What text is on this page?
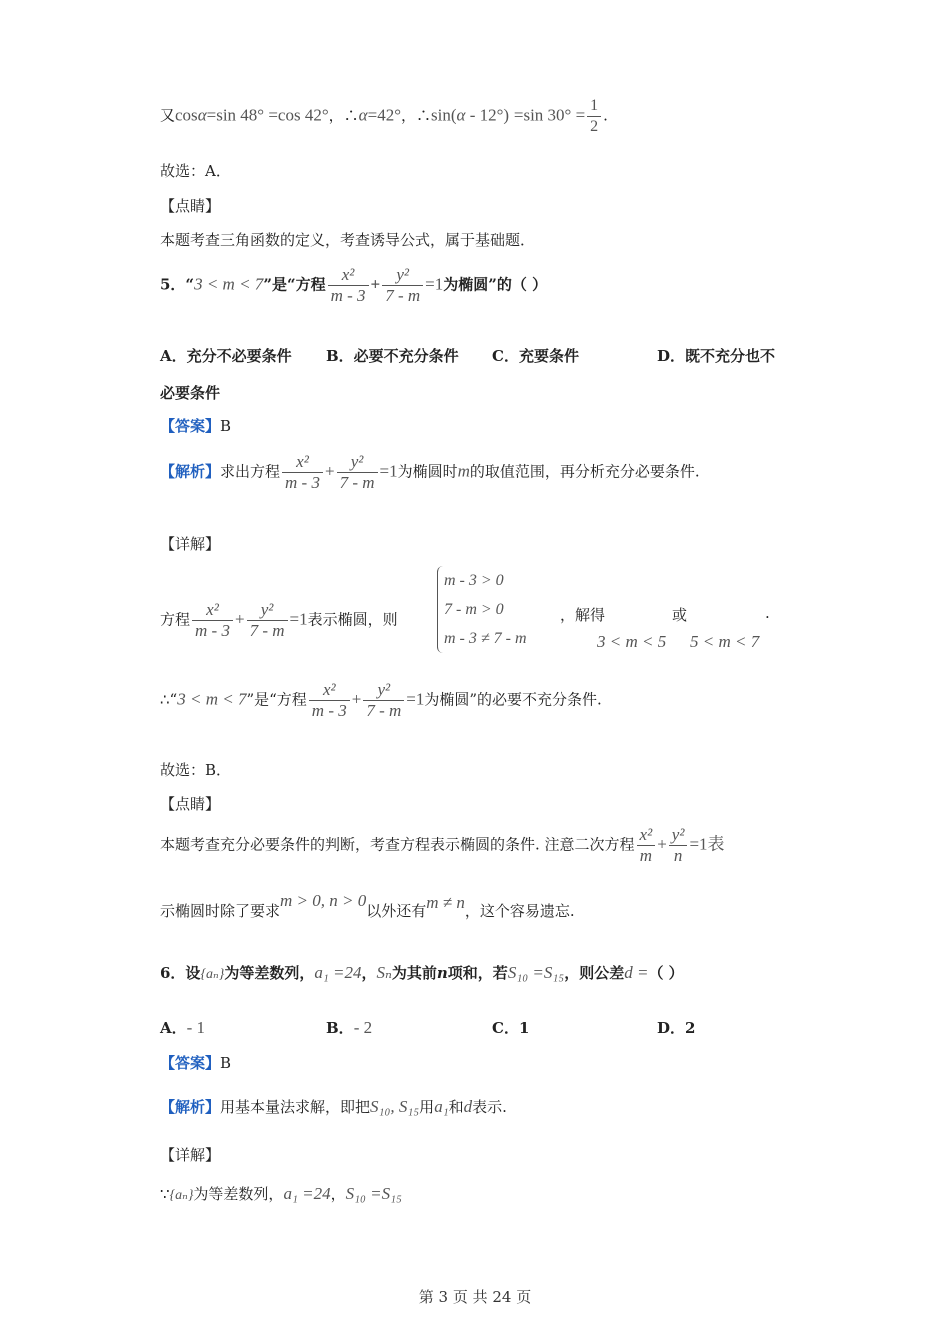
又cosα=sin 48° =cos 42°，∴α=42°，∴sin(α - 12°) =sin $30^\circ = \frac{1}{2}$ .
故选：A．
【点睛】
本题考查三角函数的定义，考查诱导公式，属于基础题．
5．“3 < m < 7”是“方程 $\frac{\text{x²}}{m - 3} + \frac{\text{y²}}{7 - m} =1$为椭圆”的（ ）
A．充分不必要条件 B．必要不充分条件 C．充要条件	D．既不充分也不
必要条件
【答案】B
【解析】求出方程 $\frac{\text{x²}}{m - 3} + \frac{\text{y²}}{7 - m} =1$为椭圆时m的取值范围，再分析充分必要条件.
【详解】
方程 $\frac{\text{x²}}{m - 3} + \frac{\text{y²}}{7 - m} =1$表示椭圆，则
m - 3 > 0
7 - m > 0
m - 3 ≠ 7 - m
，解得
3 < m < 5
或
5 < m < 7
.
∴“3 < m < 7”是“方程 $\frac{\text{x²}}{m - 3} + \frac{\text{y²}}{7 - m} =1$为椭圆”的必要不充分条件.
故选：B．
【点睛】
本题考查充分必要条件的判断，考查方程表示椭圆的条件. 注意二次方程 $\frac{\text{x²}}{m} + \frac{\text{y²}}{n} =1$表
示椭圆时除了要求m > 0, n > 0以外还有m ≠ n，这个容易遗忘.
6．设{aₙ}为等差数列，a₁ =24，Sₙ为其前n项和，若S₁₀ =S₁₅，则公差d =（ ）
A．- 1	B．- 2	C．1	D．2
【答案】B
【解析】用基本量法求解，即把S₁₀, S₁₅用a₁和d表示.
【详解】
∵{aₙ}为等差数列，a₁ =24，S₁₀ =S₁₅
第 3 页 共 24 页
